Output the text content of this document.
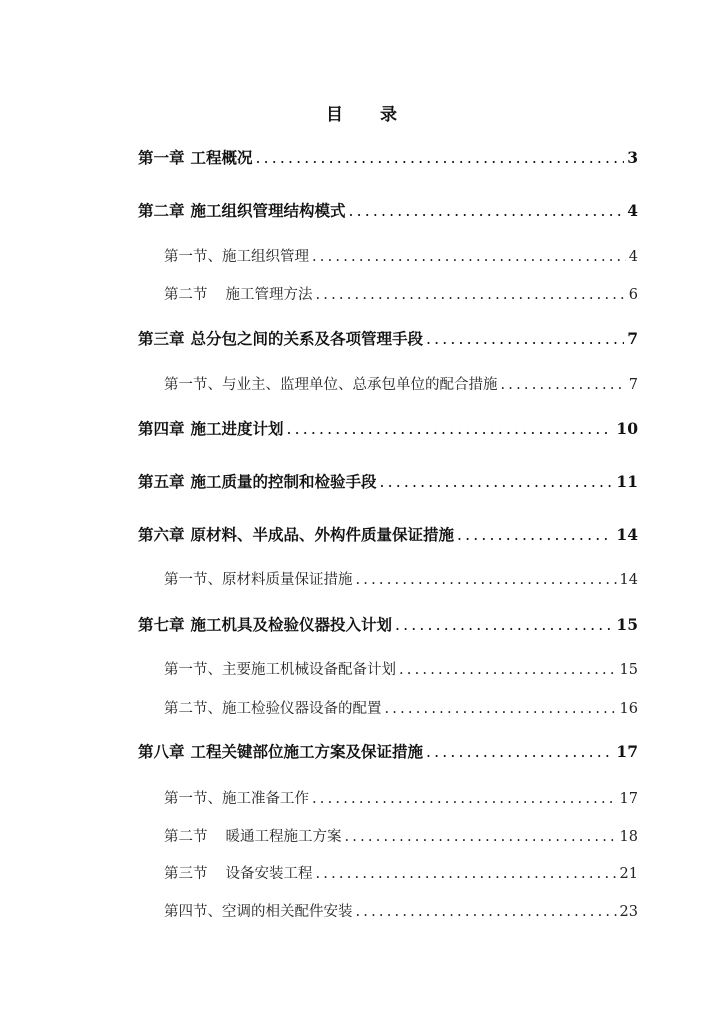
目 录
第一章 工程概况 .....	3
第二章 施工组织管理结构模式 .....	4
第一节、施工组织管理 .....	4
第二节 施工管理方法 .....	6
第三章 总分包之间的关系及各项管理手段 .....	7
第一节、与业主、监理单位、总承包单位的配合措施 .....	7
第四章 施工进度计划 .....	10
第五章 施工质量的控制和检验手段 .....	11
第六章 原材料、半成品、外构件质量保证措施 .....	14
第一节、原材料质量保证措施 .....	14
第七章 施工机具及检验仪器投入计划 .....	15
第一节、主要施工机械设备配备计划 .....	15
第二节、施工检验仪器设备的配置 .....	16
第八章 工程关键部位施工方案及保证措施 .....	17
第一节、施工准备工作 .....	17
第二节 暖通工程施工方案 .....	18
第三节 设备安装工程 .....	21
第四节、空调的相关配件安装 .....	23
